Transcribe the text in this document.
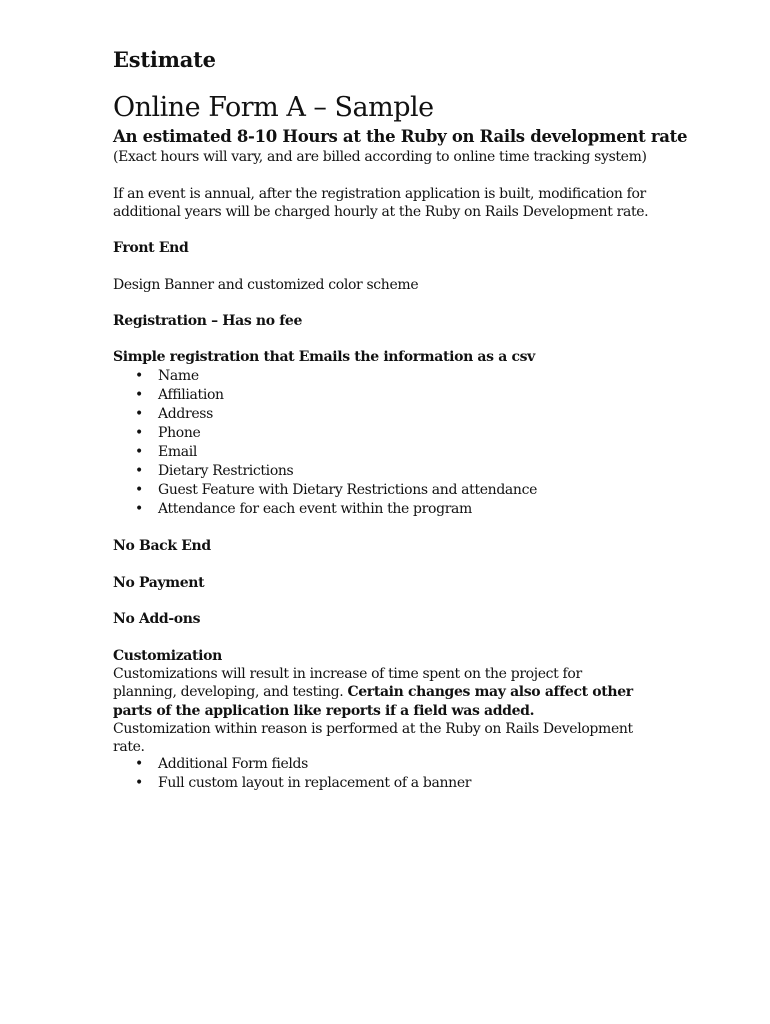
Estimate
Online Form A – Sample
An estimated 8-10 Hours at the Ruby on Rails development rate
(Exact hours will vary, and are billed according to online time tracking system)
If an event is annual, after the registration application is built, modification for
additional years will be charged hourly at the Ruby on Rails Development rate.
Front End
Design Banner and customized color scheme
Registration – Has no fee
Simple registration that Emails the information as a csv
• Name
• Affiliation
• Address
• Phone
• Email
• Dietary Restrictions
• Guest Feature with Dietary Restrictions and attendance
• Attendance for each event within the program
No Back End
No Payment
No Add-ons
Customization
Customizations will result in increase of time spent on the project for planning, developing, and testing. Certain changes may also affect other parts of the application like reports if a field was added. Customization within reason is performed at the Ruby on Rails Development rate.
• Additional Form fields
• Full custom layout in replacement of a banner
